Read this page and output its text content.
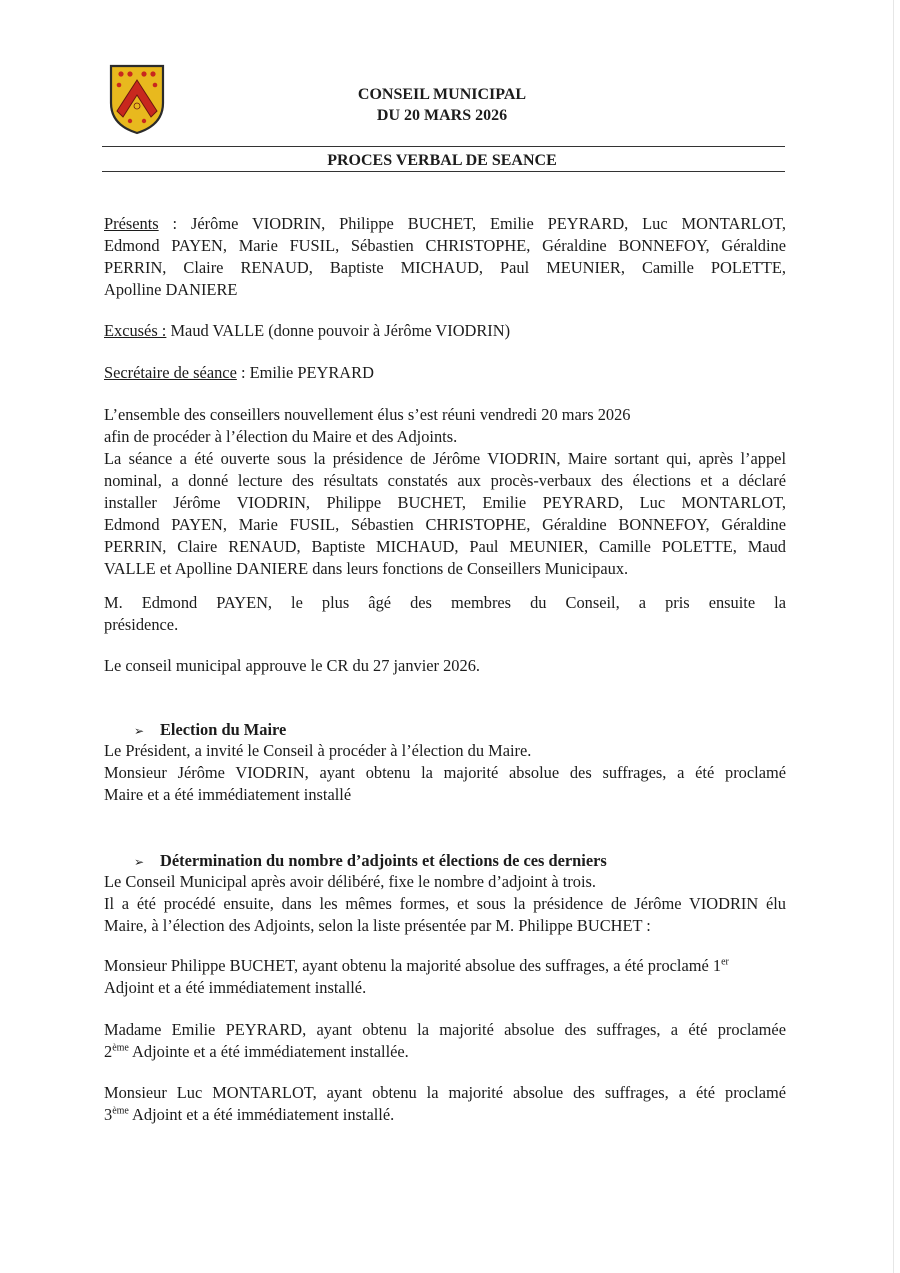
CONSEIL MUNICIPAL
DU 20 MARS 2026
PROCES VERBAL DE SEANCE
Présents : Jérôme VIODRIN, Philippe BUCHET, Emilie PEYRARD, Luc MONTARLOT,
Edmond PAYEN, Marie FUSIL, Sébastien CHRISTOPHE, Géraldine BONNEFOY, Géraldine
PERRIN, Claire RENAUD, Baptiste MICHAUD, Paul MEUNIER, Camille POLETTE,
Apolline DANIERE
Excusés : Maud VALLE (donne pouvoir à Jérôme VIODRIN)
Secrétaire de séance : Emilie PEYRARD
L’ensemble des conseillers nouvellement élus s’est réuni vendredi 20 mars 2026
afin de procéder à l’élection du Maire et des Adjoints.
La séance a été ouverte sous la présidence de Jérôme VIODRIN, Maire sortant qui, après l’appel
nominal, a donné lecture des résultats constatés aux procès-verbaux des élections et a déclaré
installer Jérôme VIODRIN, Philippe BUCHET, Emilie PEYRARD, Luc MONTARLOT,
Edmond PAYEN, Marie FUSIL, Sébastien CHRISTOPHE, Géraldine BONNEFOY, Géraldine
PERRIN, Claire RENAUD, Baptiste MICHAUD, Paul MEUNIER, Camille POLETTE, Maud
VALLE et Apolline DANIERE dans leurs fonctions de Conseillers Municipaux.
M. Edmond PAYEN, le plus âgé des membres du Conseil, a pris ensuite la
présidence.
Le conseil municipal approuve le CR du 27 janvier 2026.
➢ Election du Maire
Le Président, a invité le Conseil à procéder à l’élection du Maire.
Monsieur Jérôme VIODRIN, ayant obtenu la majorité absolue des suffrages, a été proclamé
Maire et a été immédiatement installé
➢ Détermination du nombre d’adjoints et élections de ces derniers
Le Conseil Municipal après avoir délibéré, fixe le nombre d’adjoint à trois.
Il a été procédé ensuite, dans les mêmes formes, et sous la présidence de Jérôme VIODRIN élu
Maire, à l’élection des Adjoints, selon la liste présentée par M. Philippe BUCHET :
Monsieur Philippe BUCHET, ayant obtenu la majorité absolue des suffrages, a été proclamé 1er
Adjoint et a été immédiatement installé.
Madame Emilie PEYRARD, ayant obtenu la majorité absolue des suffrages, a été proclamée
2ème Adjointe et a été immédiatement installée.
Monsieur Luc MONTARLOT, ayant obtenu la majorité absolue des suffrages, a été proclamé
3ème Adjoint et a été immédiatement installé.
